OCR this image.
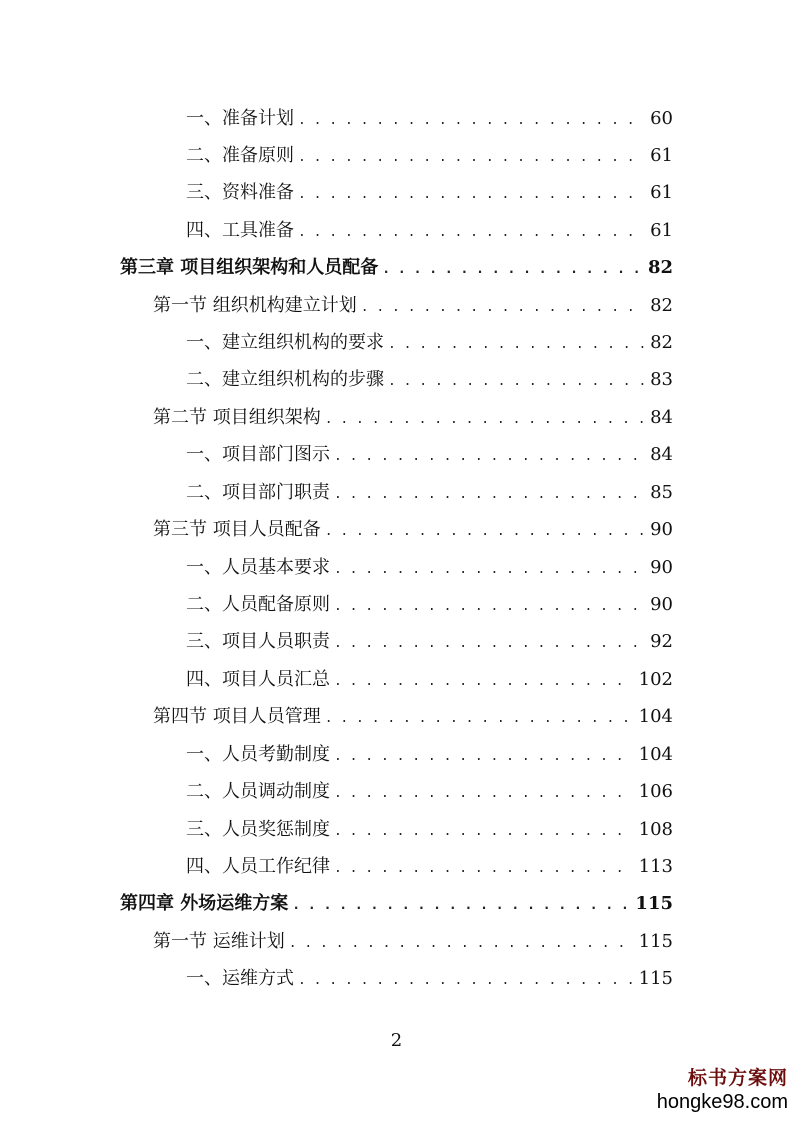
一、准备计划 . . .	60
二、准备原则 . . .	61
三、资料准备 . . .	61
四、工具准备 . . .	61
第三章 项目组织架构和人员配备 . . .	82
第一节 组织机构建立计划 . . .	82
一、建立组织机构的要求 . . .	82
二、建立组织机构的步骤 . . .	83
第二节 项目组织架构 . . .	84
一、项目部门图示 . . .	84
二、项目部门职责 . . .	85
第三节 项目人员配备 . . .	90
一、人员基本要求 . . .	90
二、人员配备原则 . . .	90
三、项目人员职责 . . .	92
四、项目人员汇总 . . .	102
第四节 项目人员管理 . . .	104
一、人员考勤制度 . . .	104
二、人员调动制度 . . .	106
三、人员奖惩制度 . . .	108
四、人员工作纪律 . . .	113
第四章 外场运维方案 . . .	115
第一节 运维计划 . . .	115
一、运维方式 . . .	115
2
标书方案网
hongke98.com
